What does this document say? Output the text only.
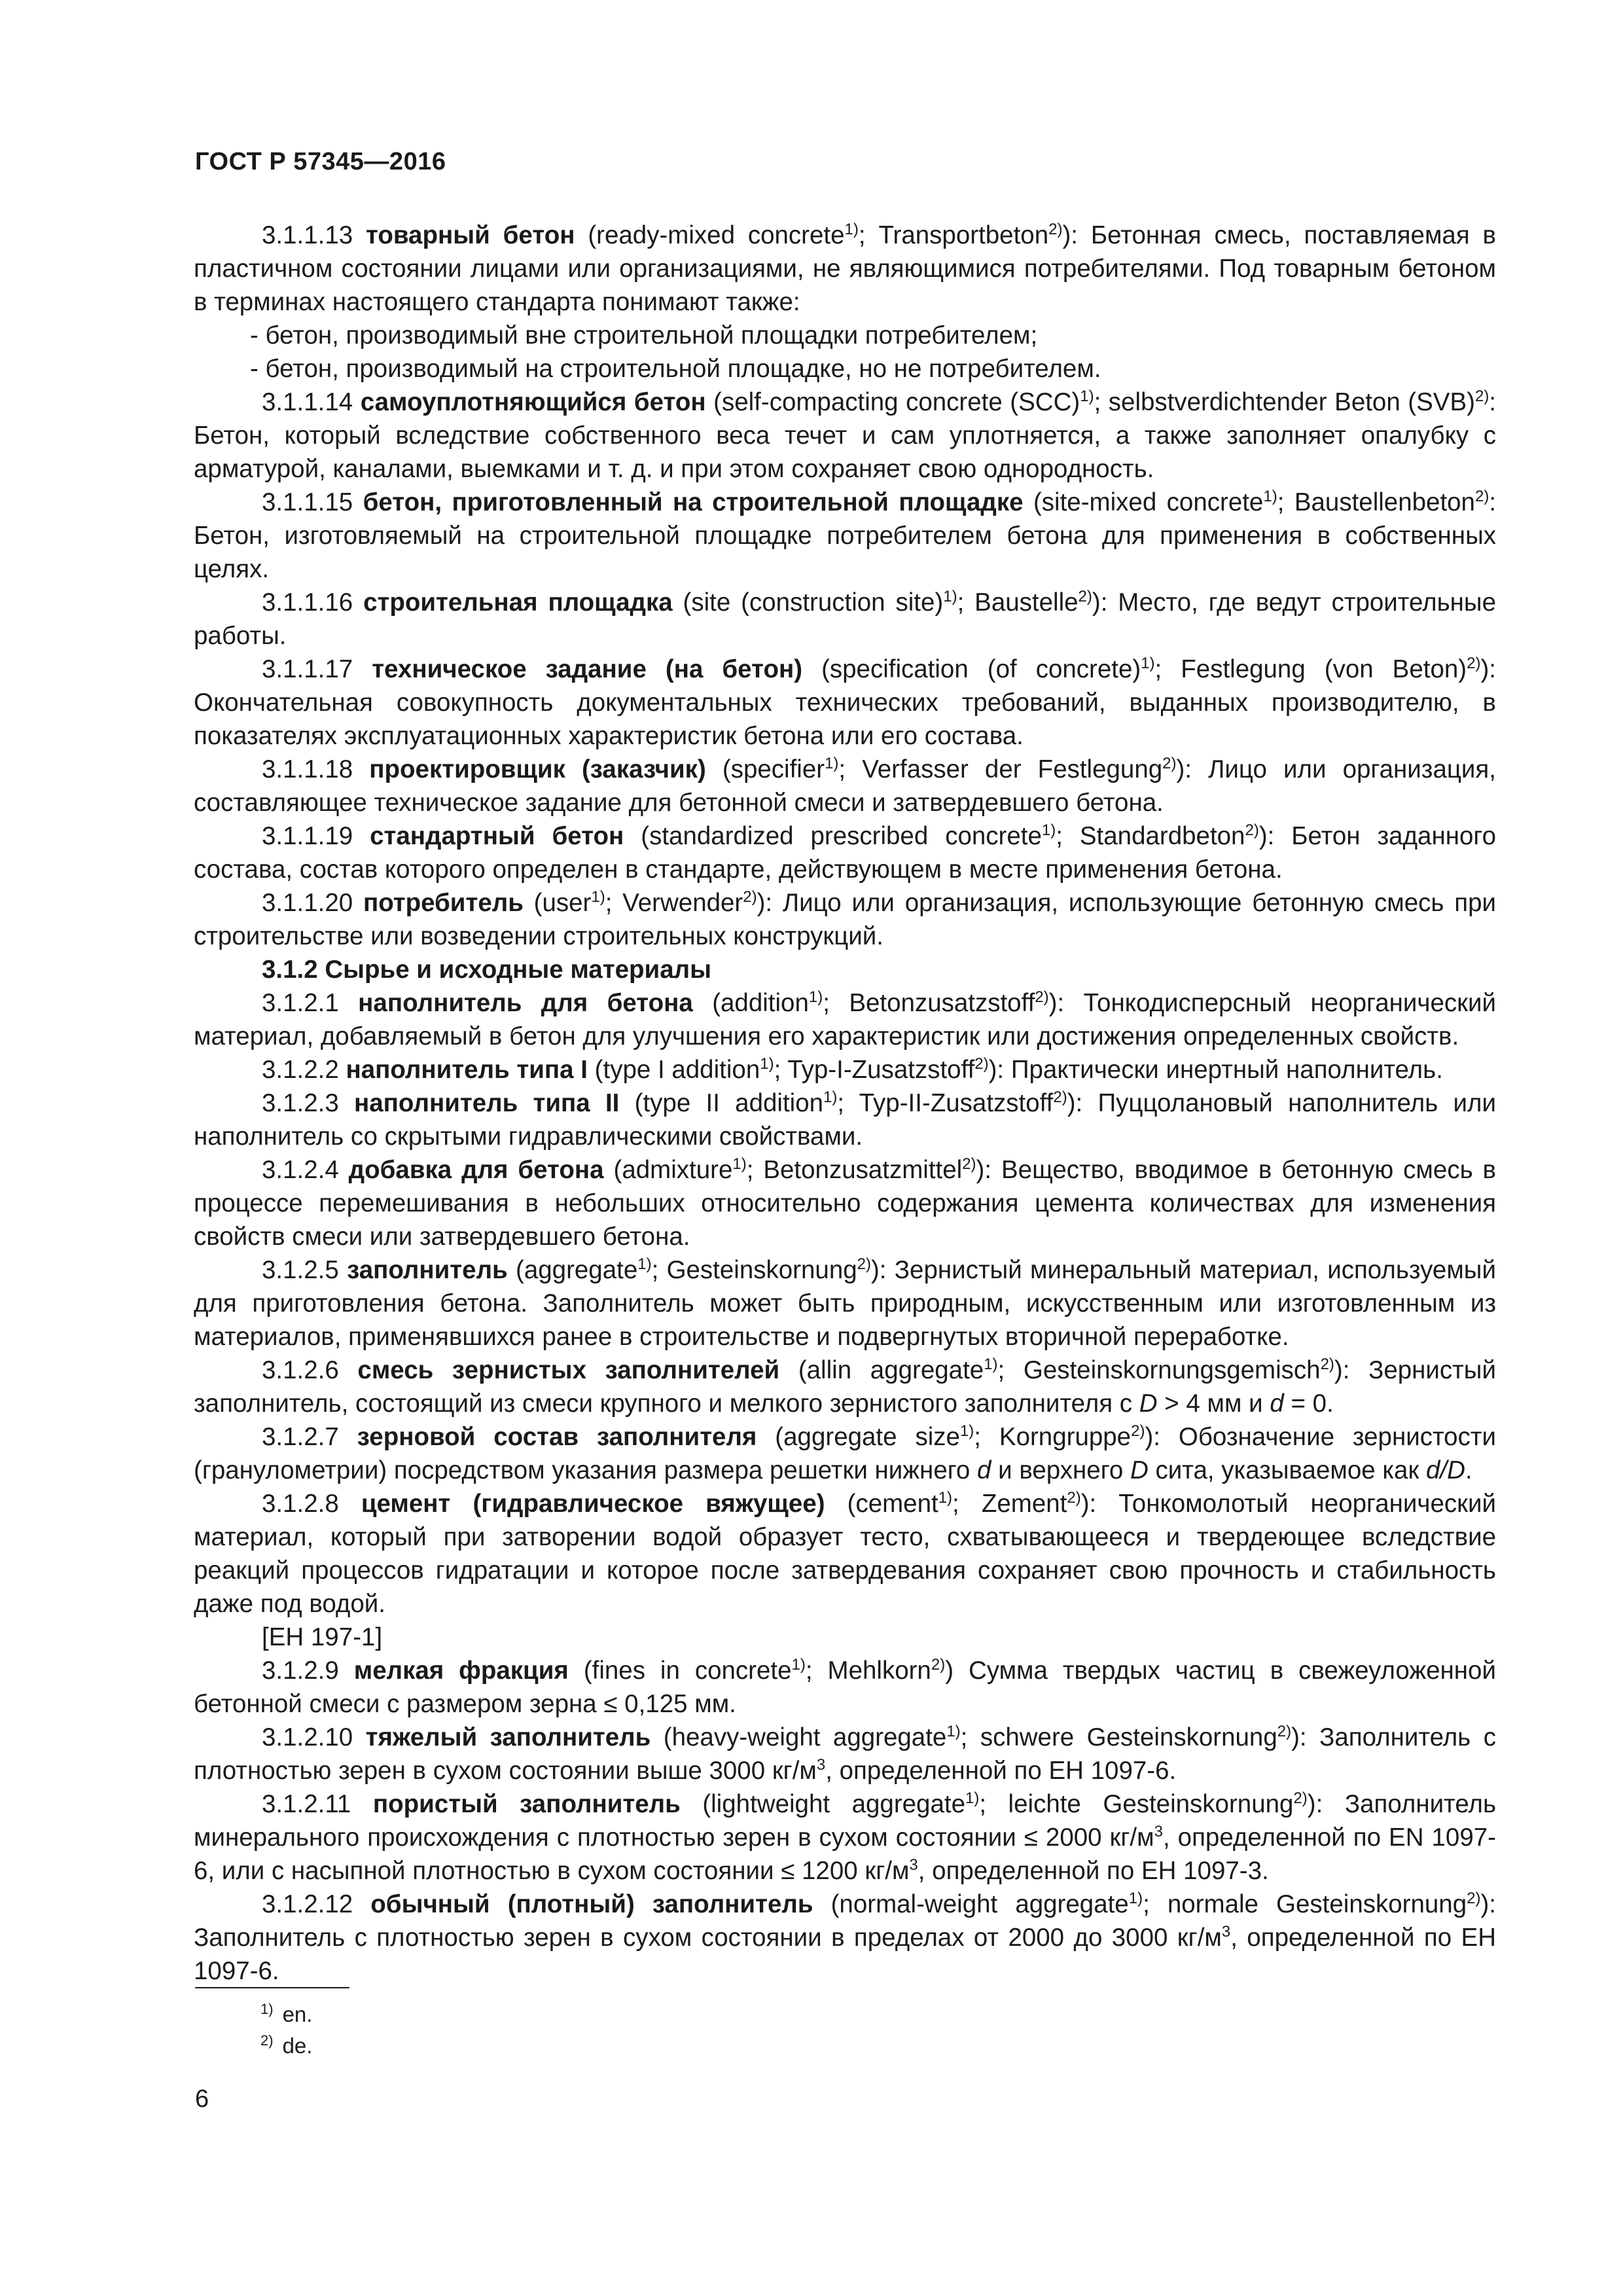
ГОСТ Р 57345—2016

3.1.1.13 товарный бетон (ready-mixed concrete$^{1)}$; Transportbeton$^{2)}$): Бетонная смесь, поставляемая в пластичном состоянии лицами или организациями, не являющимися потребителями. Под товарным бетоном в терминах настоящего стандарта понимают также:

- бетон, производимый вне строительной площадки потребителем;

- бетон, производимый на строительной площадке, но не потребителем.

3.1.1.14 самоуплотняющийся бетон (self-compacting concrete (SCC)$^{1)}$; selbstverdichtender Beton (SVB)$^{2)}$: Бетон, который вследствие собственного веса течет и сам уплотняется, а также заполняет опалубку с арматурой, каналами, выемками и т. д. и при этом сохраняет свою однородность.

3.1.1.15 бетон, приготовленный на строительной площадке (site-mixed concrete$^{1)}$; Baustellenbeton$^{2)}$: Бетон, изготовляемый на строительной площадке потребителем бетона для применения в собственных целях.

3.1.1.16 строительная площадка (site (construction site)$^{1)}$; Baustelle$^{2)}$): Место, где ведут строительные работы.

3.1.1.17 техническое задание (на бетон) (specification (of concrete)$^{1)}$; Festlegung (von Beton)$^{2)}$): Окончательная совокупность документальных технических требований, выданных производителю, в показателях эксплуатационных характеристик бетона или его состава.

3.1.1.18 проектировщик (заказчик) (specifier$^{1)}$; Verfasser der Festlegung$^{2)}$): Лицо или организация, составляющее техническое задание для бетонной смеси и затвердевшего бетона.

3.1.1.19 стандартный бетон (standardized prescribed concrete$^{1)}$; Standardbeton$^{2)}$): Бетон заданного состава, состав которого определен в стандарте, действующем в месте применения бетона.

3.1.1.20 потребитель (user$^{1)}$; Verwender$^{2)}$): Лицо или организация, использующие бетонную смесь при строительстве или возведении строительных конструкций.

3.1.2 Сырье и исходные материалы

3.1.2.1 наполнитель для бетона (addition$^{1)}$; Betonzusatzstoff$^{2)}$): Тонкодисперсный неорганический материал, добавляемый в бетон для улучшения его характеристик или достижения определенных свойств.

3.1.2.2 наполнитель типа I (type I addition$^{1)}$; Typ-I-Zusatzstoff$^{2)}$): Практически инертный наполнитель.

3.1.2.3 наполнитель типа II (type II addition$^{1)}$; Typ-II-Zusatzstoff$^{2)}$): Пуццолановый наполнитель или наполнитель со скрытыми гидравлическими свойствами.

3.1.2.4 добавка для бетона (admixture$^{1)}$; Betonzusatzmittel$^{2)}$): Вещество, вводимое в бетонную смесь в процессе перемешивания в небольших относительно содержания цемента количествах для изменения свойств смеси или затвердевшего бетона.

3.1.2.5 заполнитель (aggregate$^{1)}$; Gesteinskornung$^{2)}$): Зернистый минеральный материал, используемый для приготовления бетона. Заполнитель может быть природным, искусственным или изготовленным из материалов, применявшихся ранее в строительстве и подвергнутых вторичной переработке.

3.1.2.6 смесь зернистых заполнителей (allin aggregate$^{1)}$; Gesteinskornungsgemisch$^{2)}$): Зернистый заполнитель, состоящий из смеси крупного и мелкого зернистого заполнителя с D > 4 мм и d = 0.

3.1.2.7 зерновой состав заполнителя (aggregate size$^{1)}$; Korngruppe$^{2)}$): Обозначение зернистости (гранулометрии) посредством указания размера решетки нижнего d и верхнего D сита, указываемое как d/D.

3.1.2.8 цемент (гидравлическое вяжущее) (cement$^{1)}$; Zement$^{2)}$): Тонкомолотый неорганический материал, который при затворении водой образует тесто, схватывающееся и твердеющее вследствие реакций процессов гидратации и которое после затвердевания сохраняет свою прочность и стабильность даже под водой.

[ЕН 197-1]

3.1.2.9 мелкая фракция (fines in concrete$^{1)}$; Mehlkorn$^{2)}$) Сумма твердых частиц в свежеуложенной бетонной смеси с размером зерна ≤ 0,125 мм.

3.1.2.10 тяжелый заполнитель (heavy-weight aggregate$^{1)}$; schwere Gesteinskornung$^{2)}$): Заполнитель с плотностью зерен в сухом состоянии выше 3000 $кг/м^3$, определенной по ЕН 1097-6.

3.1.2.11 пористый заполнитель (lightweight aggregate$^{1)}$; leichte Gesteinskornung$^{2)}$): Заполнитель минерального происхождения с плотностью зерен в сухом состоянии ≤ 2000 $кг/м^3$, определенной по EN 1097-6, или с насыпной плотностью в сухом состоянии ≤ 1200 $кг/м^3$, определенной по ЕН 1097-3.

3.1.2.12 обычный (плотный) заполнитель (normal-weight aggregate$^{1)}$; normale Gesteinskornung$^{2)}$): Заполнитель с плотностью зерен в сухом состоянии в пределах от 2000 до 3000 $кг/м^3$, определенной по ЕН 1097-6.

$^{1)}$ en.
$^{2)}$ de.
6
